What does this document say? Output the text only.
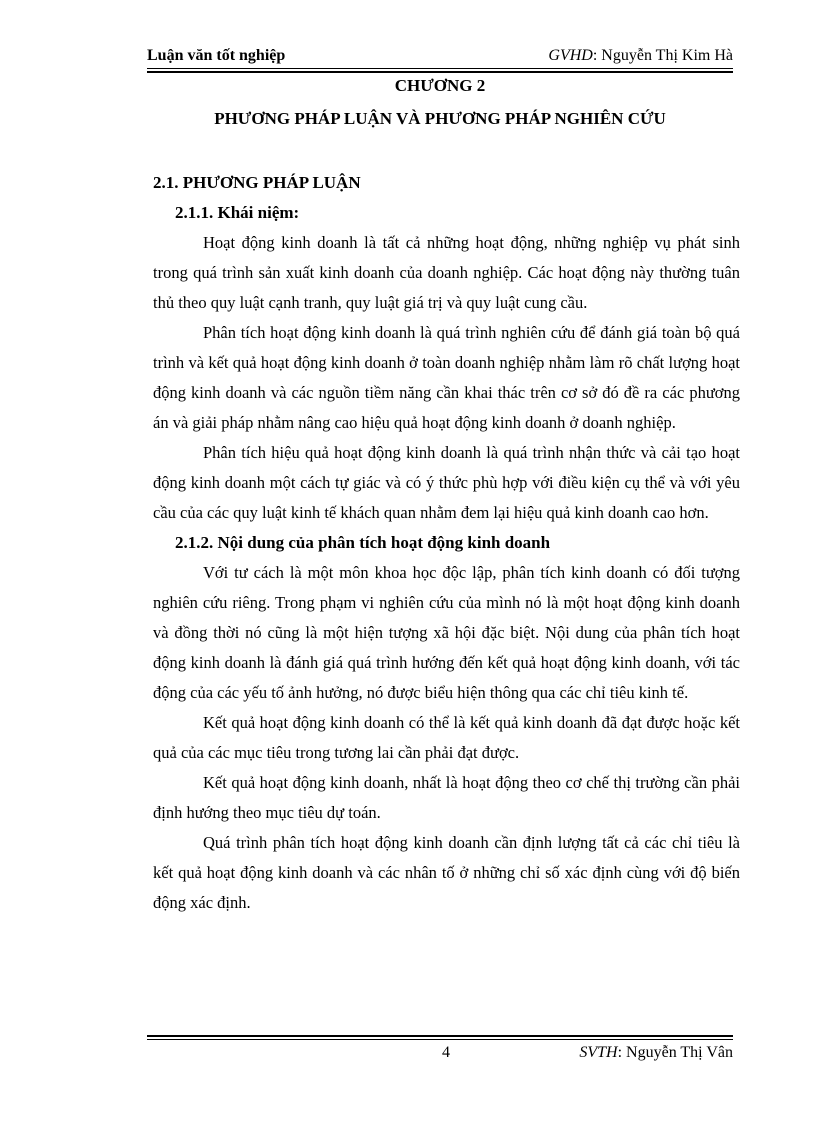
Luận văn tốt nghiệp	GVHD: Nguyễn Thị Kim Hà
CHƯƠNG 2
PHƯƠNG PHÁP LUẬN VÀ PHƯƠNG PHÁP NGHIÊN CỨU
2.1. PHƯƠNG PHÁP LUẬN
2.1.1. Khái niệm:

Hoạt động kinh doanh là tất cả những hoạt động, những nghiệp vụ phát sinh trong quá trình sản xuất kinh doanh của doanh nghiệp. Các hoạt động này thường tuân thủ theo quy luật cạnh tranh, quy luật giá trị và quy luật cung cầu.

Phân tích hoạt động kinh doanh là quá trình nghiên cứu để đánh giá toàn bộ quá trình và kết quả hoạt động kinh doanh ở toàn doanh nghiệp nhằm làm rõ chất lượng hoạt động kinh doanh và các nguồn tiềm năng cần khai thác trên cơ sở đó đề ra các phương án và giải pháp nhằm nâng cao hiệu quả hoạt động kinh doanh ở doanh nghiệp.

Phân tích hiệu quả hoạt động kinh doanh là quá trình nhận thức và cải tạo hoạt động kinh doanh một cách tự giác và có ý thức phù hợp với điều kiện cụ thể và với yêu cầu của các quy luật kinh tế khách quan nhằm đem lại hiệu quả kinh doanh cao hơn.

2.1.2. Nội dung của phân tích hoạt động kinh doanh

Với tư cách là một môn khoa học độc lập, phân tích kinh doanh có đối tượng nghiên cứu riêng. Trong phạm vi nghiên cứu của mình nó là một hoạt động kinh doanh và đồng thời nó cũng là một hiện tượng xã hội đặc biệt. Nội dung của phân tích hoạt động kinh doanh là đánh giá quá trình hướng đến kết quả hoạt động kinh doanh, với tác động của các yếu tố ảnh hưởng, nó được biểu hiện thông qua các chỉ tiêu kinh tế.

Kết quả hoạt động kinh doanh có thể là kết quả kinh doanh đã đạt được hoặc kết quả của các mục tiêu trong tương lai cần phải đạt được.

Kết quả hoạt động kinh doanh, nhất là hoạt động theo cơ chế thị trường cần phải định hướng theo mục tiêu dự toán.

Quá trình phân tích hoạt động kinh doanh cần định lượng tất cả các chỉ tiêu là kết quả hoạt động kinh doanh và các nhân tố ở những chỉ số xác định cùng với độ biến động xác định.

4	SVTH: Nguyễn Thị Vân
